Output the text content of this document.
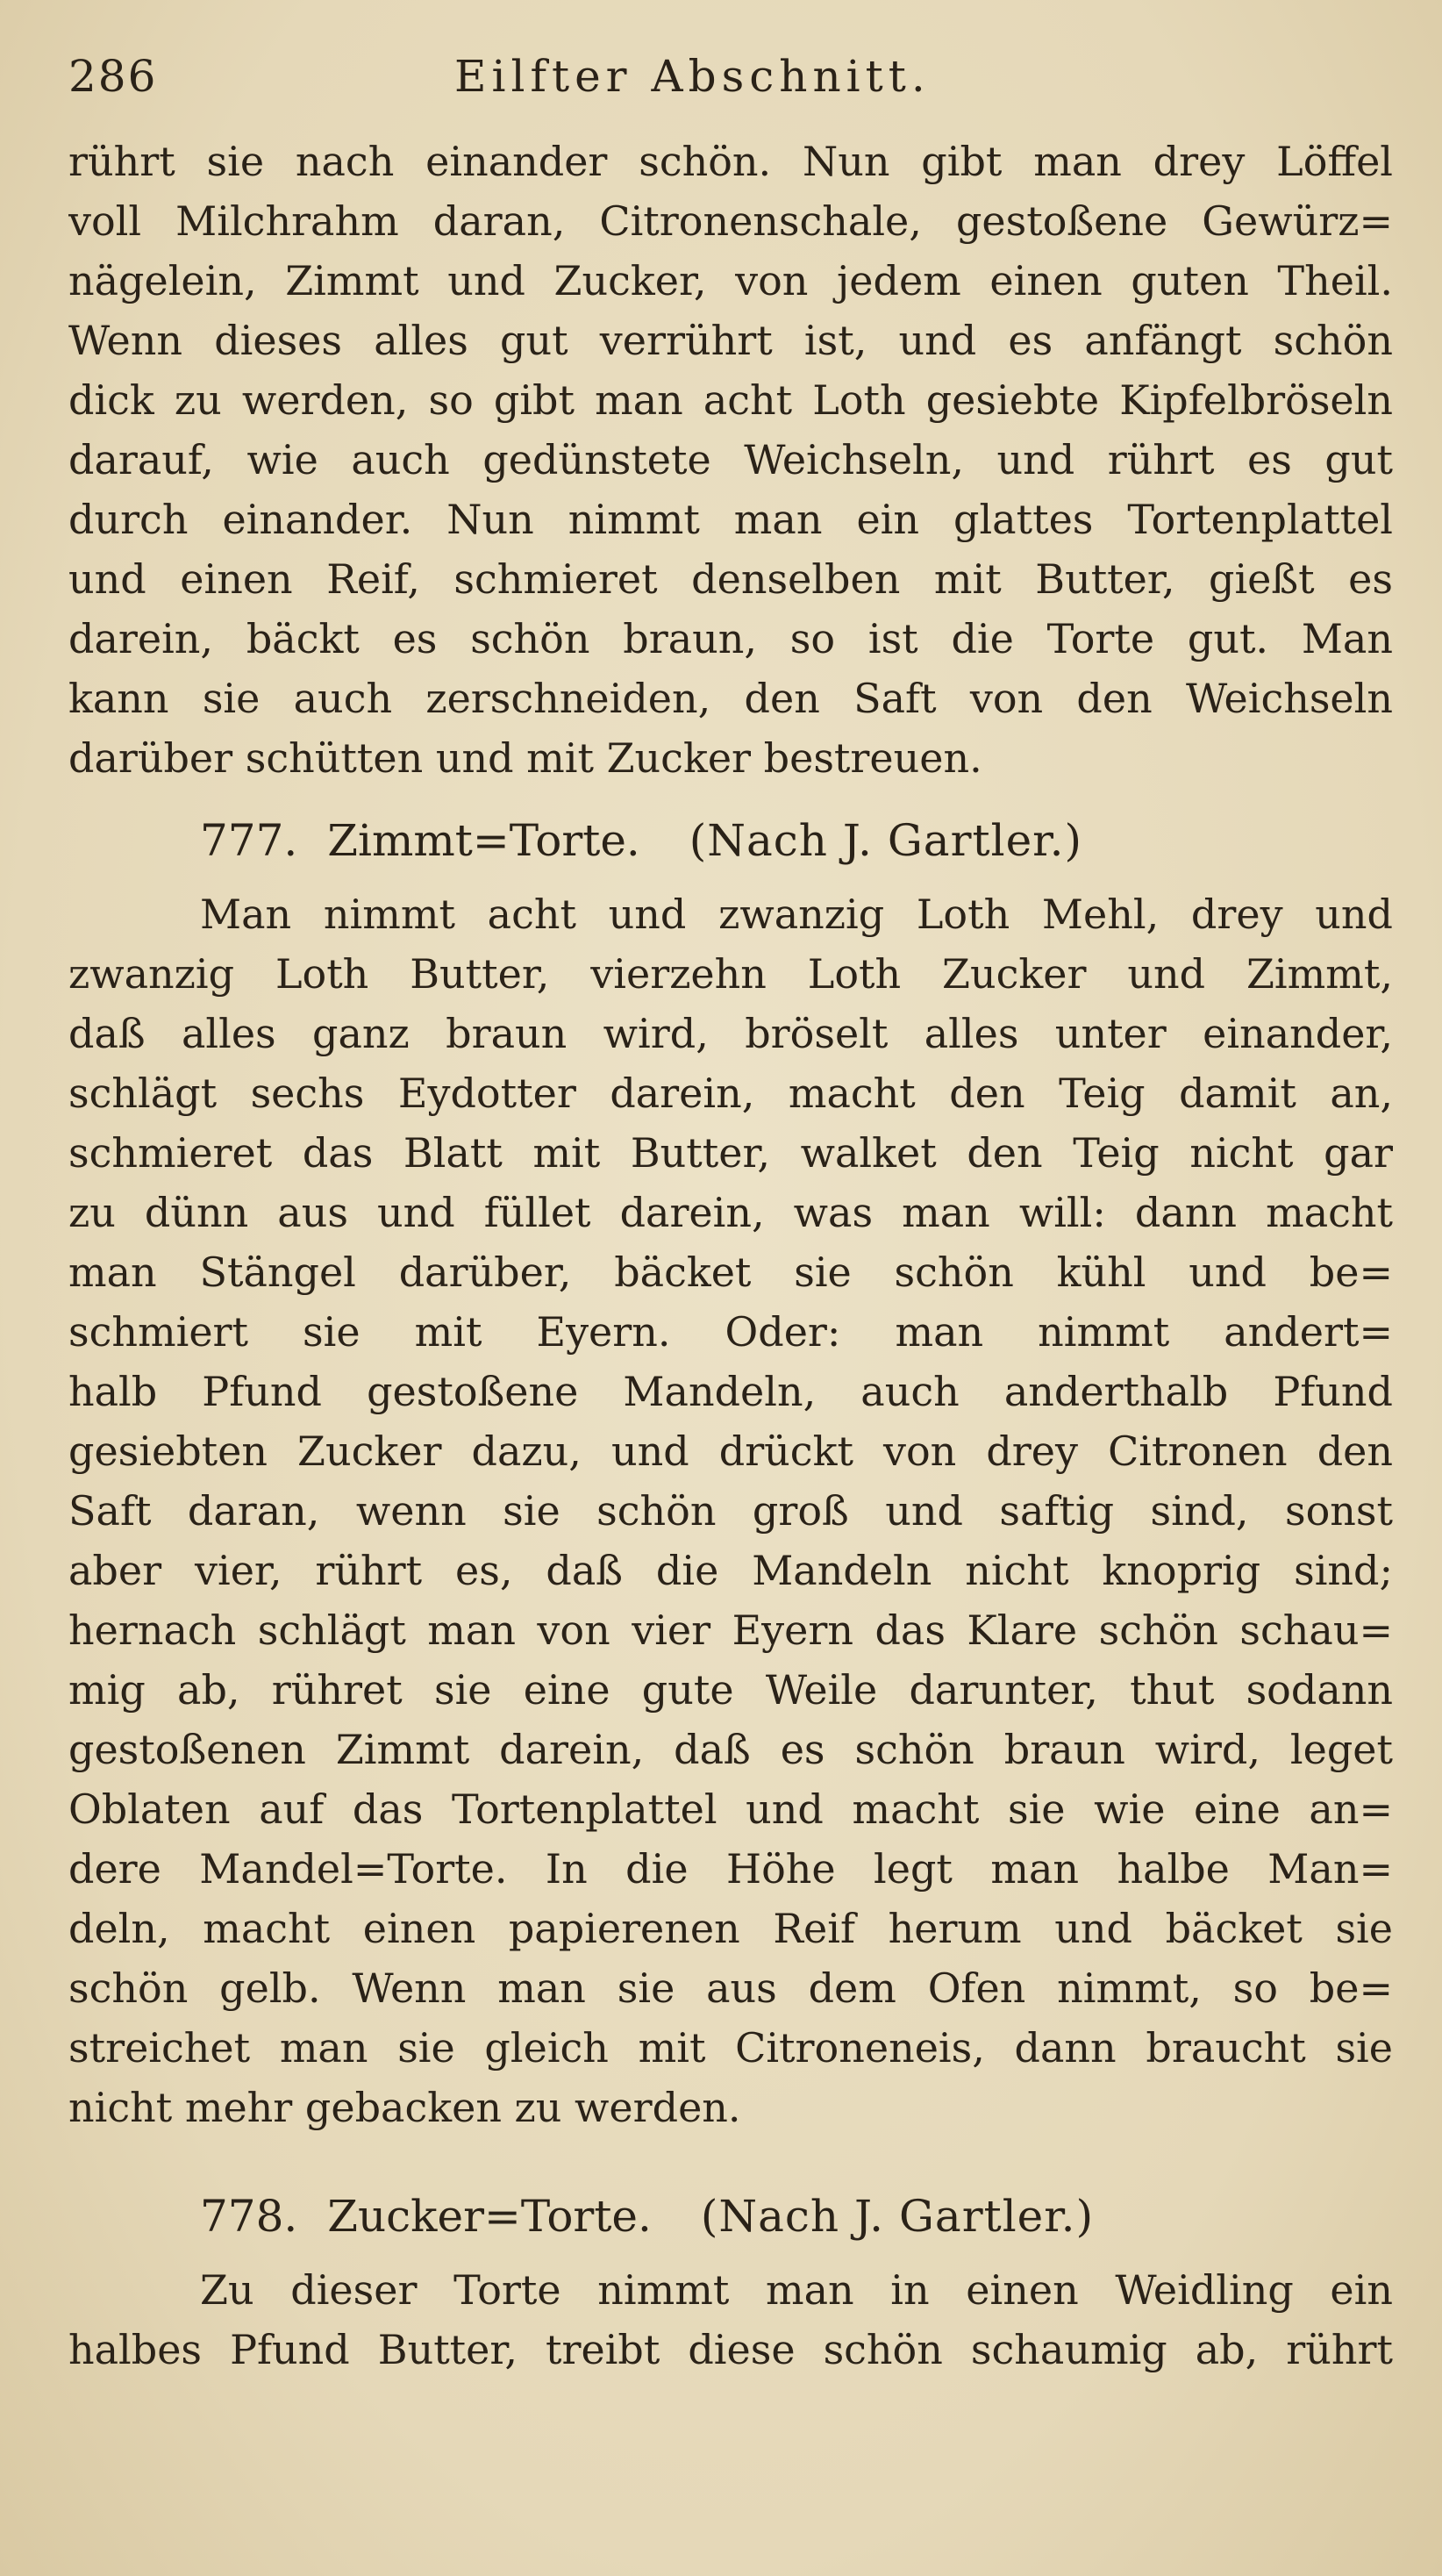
286	Eilfter Abschnitt.
rührt sie nach einander schön. Nun gibt man drey Löffel
voll Milchrahm daran, Citronenschale, gestoßene Gewürz=
nägelein, Zimmt und Zucker, von jedem einen guten Theil.
Wenn dieses alles gut verrührt ist, und es anfängt schön
dick zu werden, so gibt man acht Loth gesiebte Kipfelbröseln
darauf, wie auch gedünstete Weichseln, und rührt es gut
durch einander. Nun nimmt man ein glattes Tortenplattel
und einen Reif, schmieret denselben mit Butter, gießt es
darein, bäckt es schön braun, so ist die Torte gut. Man
kann sie auch zerschneiden, den Saft von den Weichseln
darüber schütten und mit Zucker bestreuen.
777. Zimmt=Torte. (Nach J. Gartler.)
Man nimmt acht und zwanzig Loth Mehl, drey und
zwanzig Loth Butter, vierzehn Loth Zucker und Zimmt,
daß alles ganz braun wird, bröselt alles unter einander,
schlägt sechs Eydotter darein, macht den Teig damit an,
schmieret das Blatt mit Butter, walket den Teig nicht gar
zu dünn aus und füllet darein, was man will: dann macht
man Stängel darüber, bäcket sie schön kühl und be=
schmiert sie mit Eyern. Oder: man nimmt andert=
halb Pfund gestoßene Mandeln, auch anderthalb Pfund
gesiebten Zucker dazu, und drückt von drey Citronen den
Saft daran, wenn sie schön groß und saftig sind, sonst
aber vier, rührt es, daß die Mandeln nicht knoprig sind;
hernach schlägt man von vier Eyern das Klare schön schau=
mig ab, rühret sie eine gute Weile darunter, thut sodann
gestoßenen Zimmt darein, daß es schön braun wird, leget
Oblaten auf das Tortenplattel und macht sie wie eine an=
dere Mandel=Torte. In die Höhe legt man halbe Man=
deln, macht einen papierenen Reif herum und bäcket sie
schön gelb. Wenn man sie aus dem Ofen nimmt, so be=
streichet man sie gleich mit Citroneneis, dann braucht sie
nicht mehr gebacken zu werden.
778. Zucker=Torte. (Nach J. Gartler.)
Zu dieser Torte nimmt man in einen Weidling ein
halbes Pfund Butter, treibt diese schön schaumig ab, rührt
